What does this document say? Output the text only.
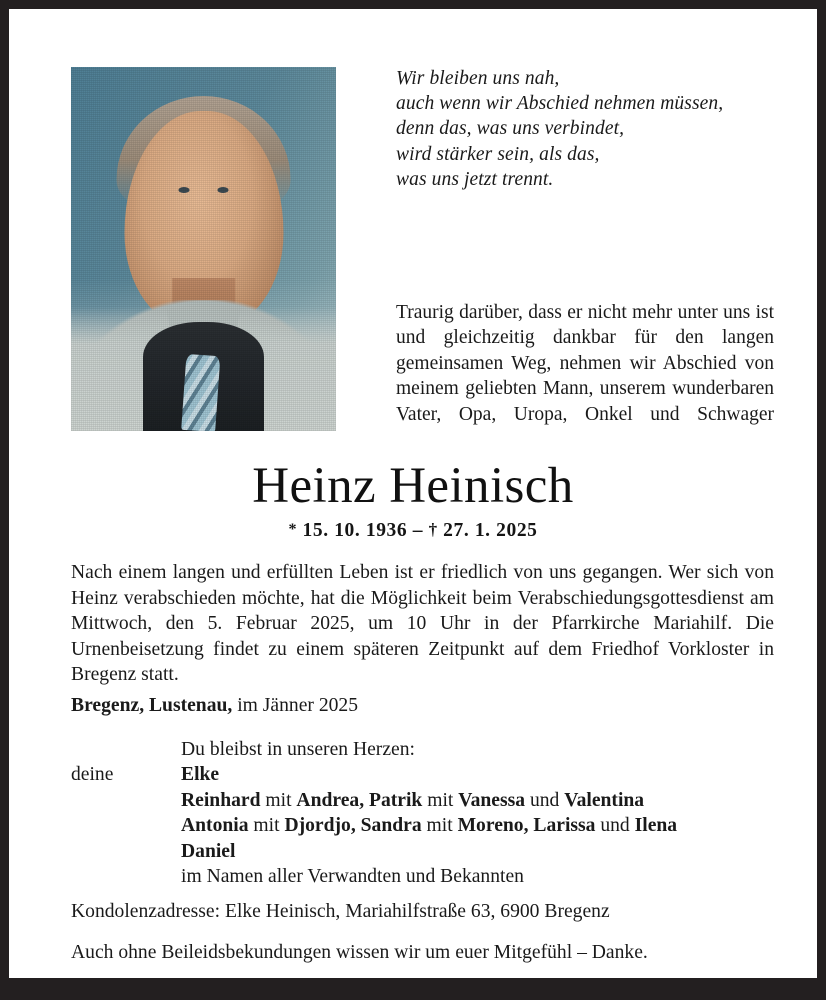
Wir bleiben uns nah,
auch wenn wir Abschied nehmen müssen,
denn das, was uns verbindet,
wird stärker sein, als das,
was uns jetzt trennt.
Traurig darüber, dass er nicht mehr unter uns ist und gleichzeitig dankbar für den langen gemeinsamen Weg, nehmen wir Abschied von meinem geliebten Mann, unserem wunderbaren Vater, Opa, Uropa, Onkel und Schwager
Heinz Heinisch
* 15. 10. 1936 – † 27. 1. 2025
Nach einem langen und erfüllten Leben ist er friedlich von uns gegangen. Wer sich von Heinz verabschieden möchte, hat die Möglichkeit beim Verabschiedungsgottesdienst am Mittwoch, den 5. Februar 2025, um 10 Uhr in der Pfarrkirche Mariahilf. Die Urnenbeisetzung findet zu einem späteren Zeitpunkt auf dem Friedhof Vorkloster in Bregenz statt.
Bregenz, Lustenau, im Jänner 2025
Du bleibst in unseren Herzen:
deine	Elke
Reinhard mit Andrea, Patrik mit Vanessa und Valentina
Antonia mit Djordjo, Sandra mit Moreno, Larissa und Ilena
Daniel
im Namen aller Verwandten und Bekannten
Kondolenzadresse: Elke Heinisch, Mariahilfstraße 63, 6900 Bregenz
Auch ohne Beileidsbekundungen wissen wir um euer Mitgefühl – Danke.
